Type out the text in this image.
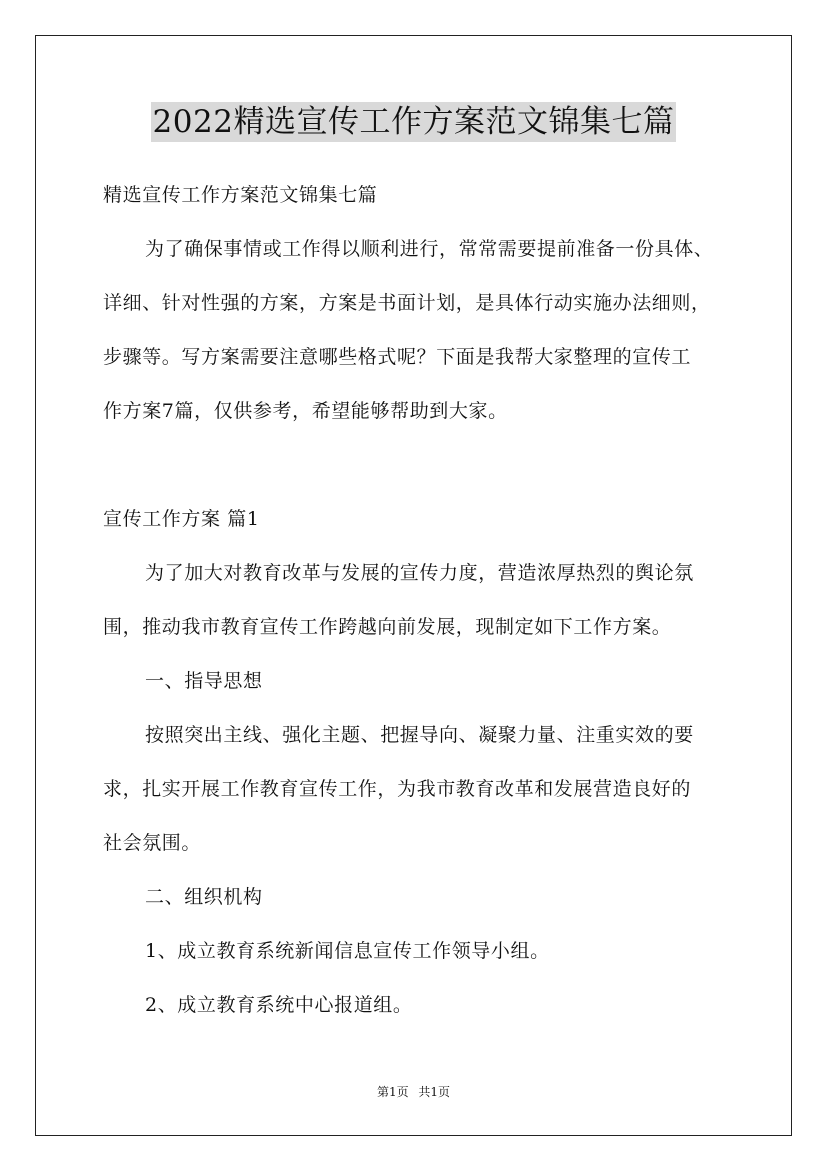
2022精选宣传工作方案范文锦集七篇
精选宣传工作方案范文锦集七篇
为了确保事情或工作得以顺利进行，常常需要提前准备一份具体、
详细、针对性强的方案，方案是书面计划，是具体行动实施办法细则，
步骤等。写方案需要注意哪些格式呢？下面是我帮大家整理的宣传工
作方案7篇，仅供参考，希望能够帮助到大家。
宣传工作方案 篇1
为了加大对教育改革与发展的宣传力度，营造浓厚热烈的舆论氛
围，推动我市教育宣传工作跨越向前发展，现制定如下工作方案。
一、指导思想
按照突出主线、强化主题、把握导向、凝聚力量、注重实效的要
求，扎实开展工作教育宣传工作，为我市教育改革和发展营造良好的
社会氛围。
二、组织机构
1、成立教育系统新闻信息宣传工作领导小组。
2、成立教育系统中心报道组。
第1页 共1页
